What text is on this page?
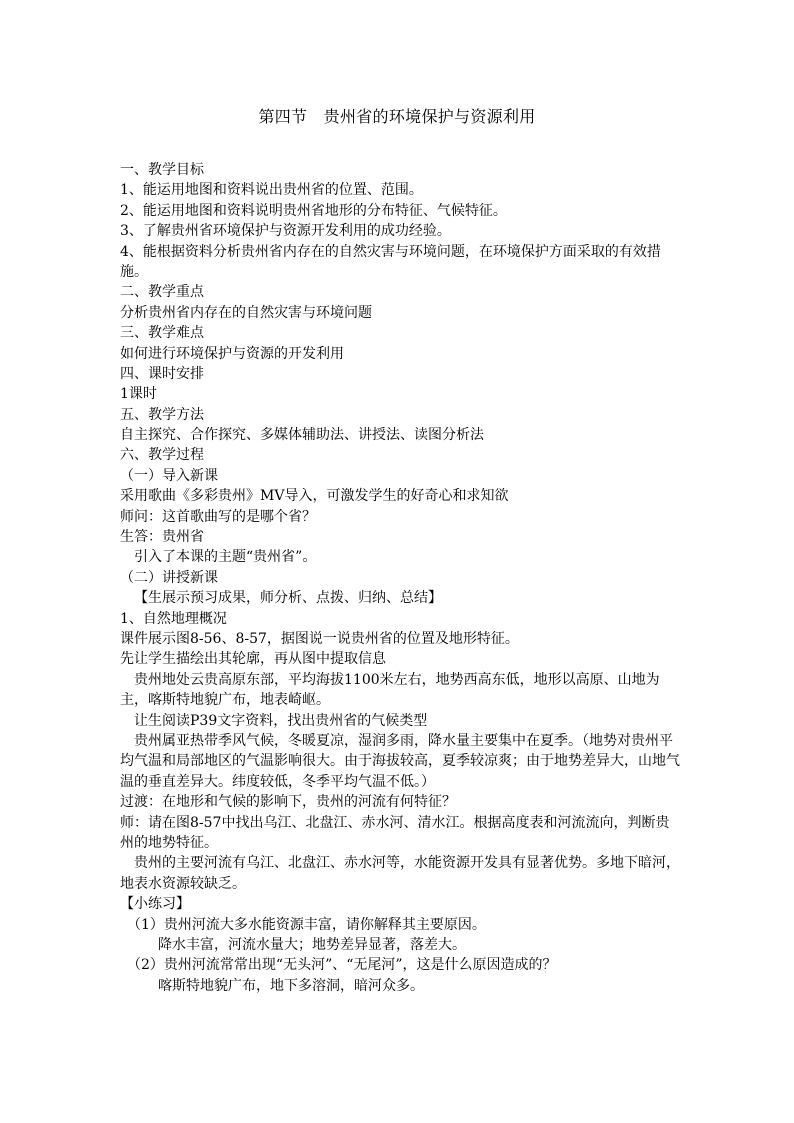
第四节　贵州省的环境保护与资源利用
一、教学目标
1、能运用地图和资料说出贵州省的位置、范围。
2、能运用地图和资料说明贵州省地形的分布特征、气候特征。
3、了解贵州省环境保护与资源开发利用的成功经验。
4、能根据资料分析贵州省内存在的自然灾害与环境问题，在环境保护方面采取的有效措施。
二、教学重点
分析贵州省内存在的自然灾害与环境问题
三、教学难点
如何进行环境保护与资源的开发利用
四、课时安排
1课时
五、教学方法
自主探究、合作探究、多媒体辅助法、讲授法、读图分析法
六、教学过程
（一）导入新课
采用歌曲《多彩贵州》MV导入，可激发学生的好奇心和求知欲
师问：这首歌曲写的是哪个省？
生答：贵州省
引入了本课的主题“贵州省”。
（二）讲授新课
【生展示预习成果，师分析、点拨、归纳、总结】
1、自然地理概况
课件展示图8-56、8-57，据图说一说贵州省的位置及地形特征。
先让学生描绘出其轮廓，再从图中提取信息
贵州地处云贵高原东部，平均海拔1100米左右，地势西高东低，地形以高原、山地为主，喀斯特地貌广布，地表崎岖。
让生阅读P39文字资料，找出贵州省的气候类型
贵州属亚热带季风气候，冬暖夏凉，湿润多雨，降水量主要集中在夏季。（地势对贵州平均气温和局部地区的气温影响很大。由于海拔较高，夏季较凉爽；由于地势差异大，山地气温的垂直差异大。纬度较低，冬季平均气温不低。）
过渡：在地形和气候的影响下，贵州的河流有何特征？
师：请在图8-57中找出乌江、北盘江、赤水河、清水江。根据高度表和河流流向，判断贵州的地势特征。
贵州的主要河流有乌江、北盘江、赤水河等，水能资源开发具有显著优势。多地下暗河，地表水资源较缺乏。
【小练习】
（1）贵州河流大多水能资源丰富，请你解释其主要原因。
降水丰富，河流水量大；地势差异显著，落差大。
（2）贵州河流常常出现“无头河”、“无尾河”，这是什么原因造成的？
喀斯特地貌广布，地下多溶洞，暗河众多。
